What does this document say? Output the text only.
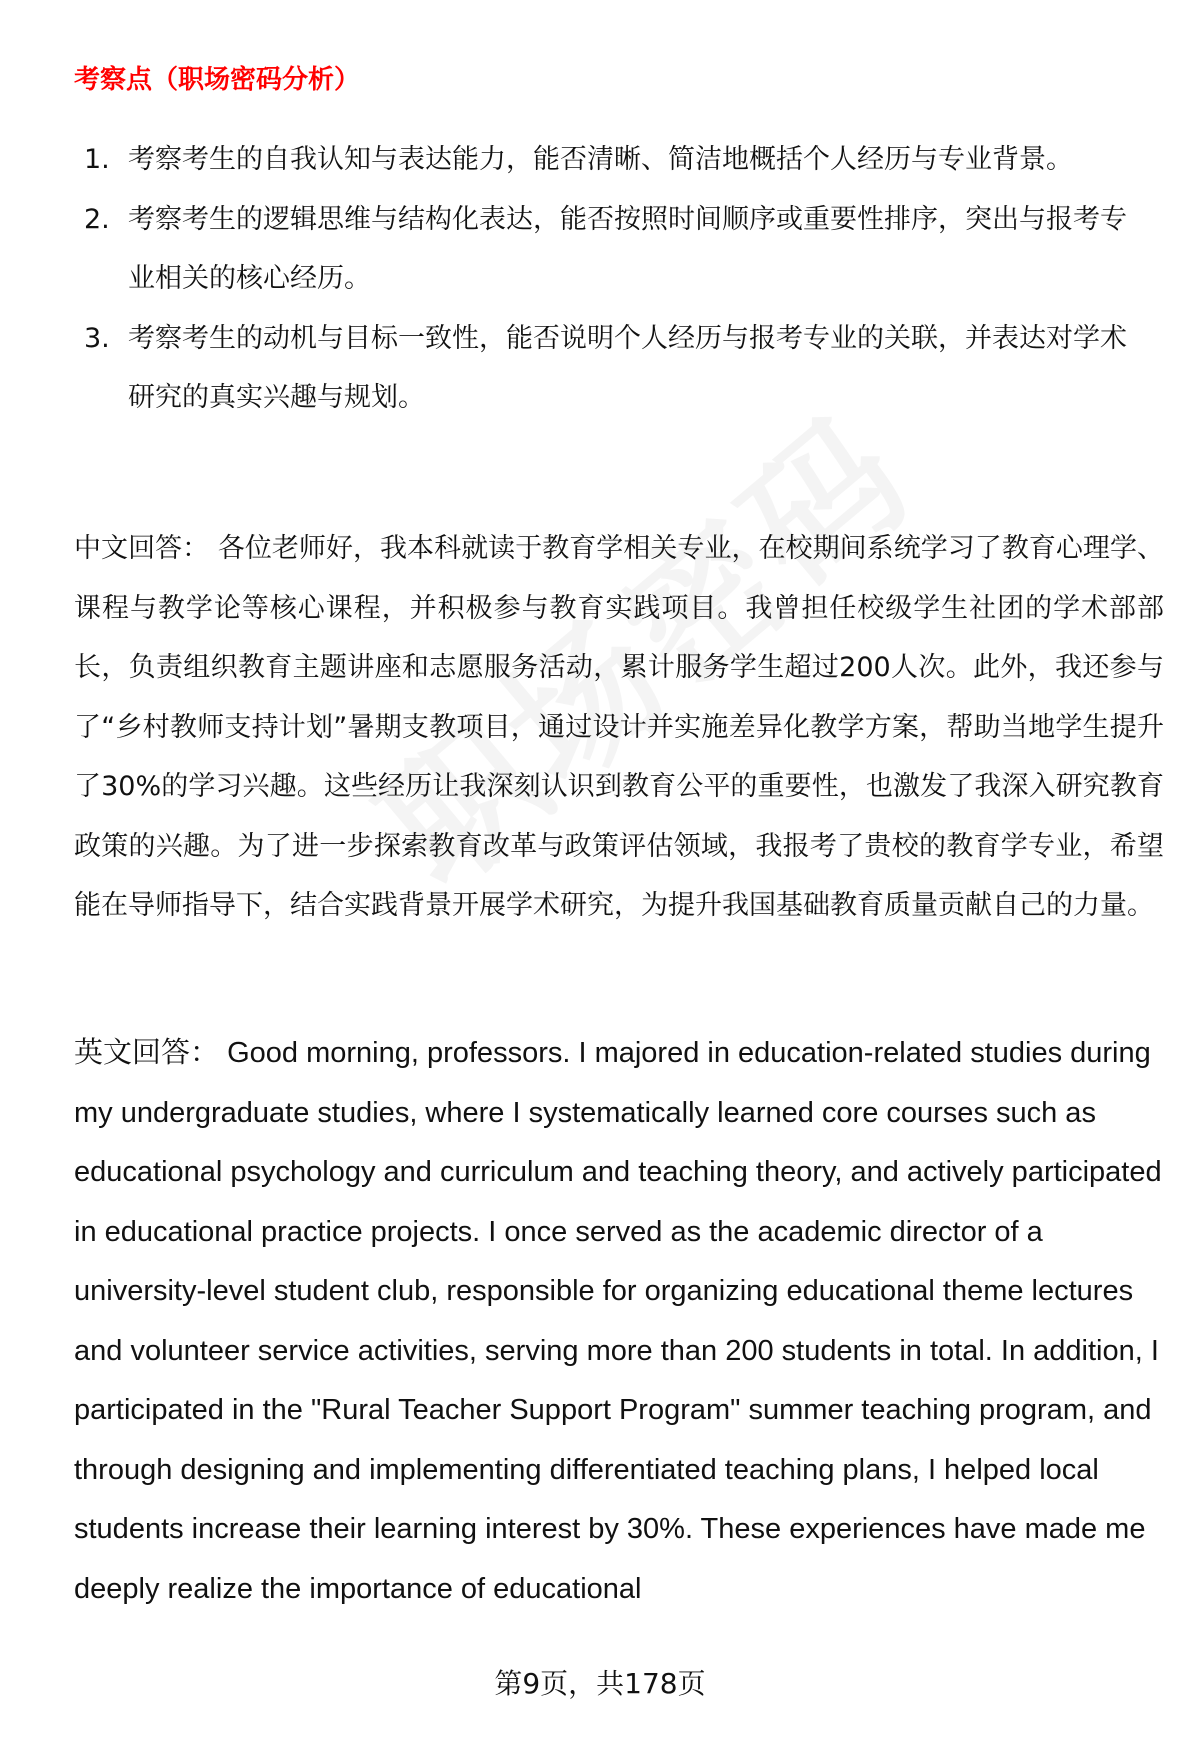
考察点（职场密码分析）
1. 考察考生的自我认知与表达能力，能否清晰、简洁地概括个人经历与专业背景。
2. 考察考生的逻辑思维与结构化表达，能否按照时间顺序或重要性排序，突出与报考专业相关的核心经历。
3. 考察考生的动机与目标一致性，能否说明个人经历与报考专业的关联，并表达对学术研究的真实兴趣与规划。

中文回答： 各位老师好，我本科就读于教育学相关专业，在校期间系统学习了教育心理学、课程与教学论等核心课程，并积极参与教育实践项目。我曾担任校级学生社团的学术部部长，负责组织教育主题讲座和志愿服务活动，累计服务学生超过200人次。此外，我还参与了“乡村教师支持计划”暑期支教项目，通过设计并实施差异化教学方案，帮助当地学生提升了30%的学习兴趣。这些经历让我深刻认识到教育公平的重要性，也激发了我深入研究教育政策的兴趣。为了进一步探索教育改革与政策评估领域，我报考了贵校的教育学专业，希望能在导师指导下，结合实践背景开展学术研究，为提升我国基础教育质量贡献自己的力量。

英文回答： Good morning, professors. I majored in education-related studies during my undergraduate studies, where I systematically learned core courses such as educational psychology and curriculum and teaching theory, and actively participated in educational practice projects. I once served as the academic director of a university-level student club, responsible for organizing educational theme lectures and volunteer service activities, serving more than 200 students in total. In addition, I participated in the "Rural Teacher Support Program" summer teaching program, and through designing and implementing differentiated teaching plans, I helped local students increase their learning interest by 30%. These experiences have made me deeply realize the importance of educational

第9页，共178页
